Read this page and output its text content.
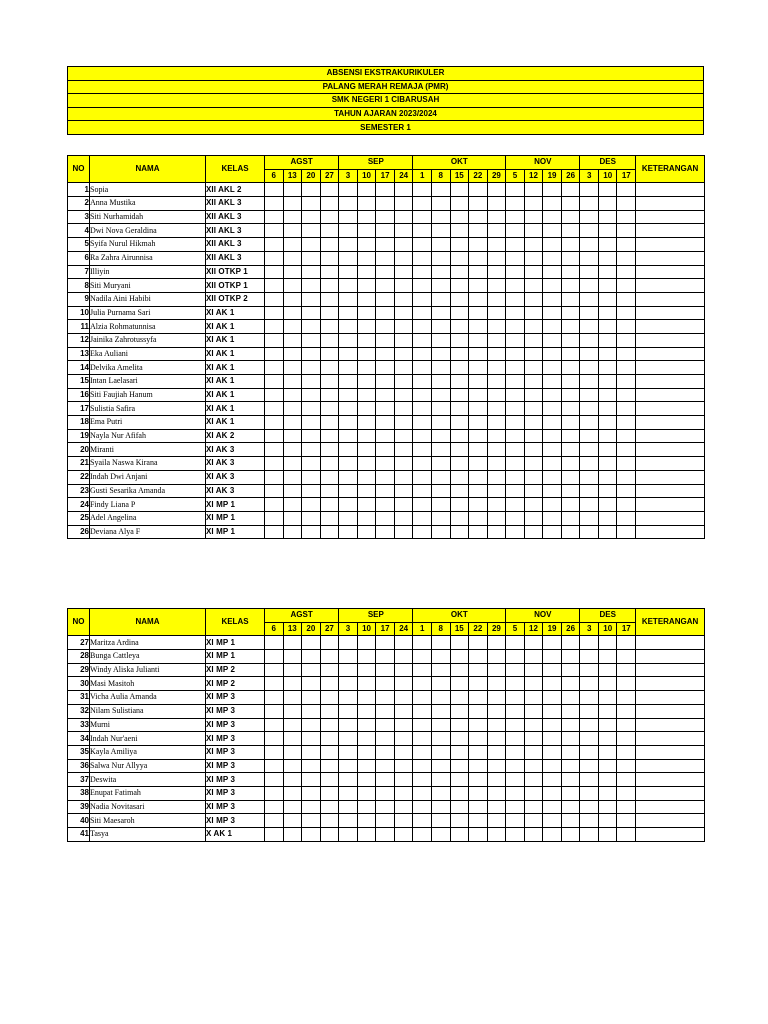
ABSENSI EKSTRAKURIKULER
PALANG MERAH REMAJA (PMR)
SMK NEGERI 1 CIBARUSAH
TAHUN AJARAN 2023/2024
SEMESTER 1
NO	NAMA	KELAS	AGST				SEP				OKT					NOV				DES			KETERANGAN
			6	13	20	27	3	10	17	24	1	8	15	22	29	5	12	19	26	3	10	17	
1	Sopia	XII AKL 2																					
2	Anna Mustika	XII AKL 3																					
3	Siti Nurhamidah	XII AKL 3																					
4	Dwi Nova Geraldina	XII AKL 3																					
5	Syifa Nurul Hikmah	XII AKL 3																					
6	Ra Zahra Airunnisa	XII AKL 3																					
7	Illiyin	XII OTKP 1																					
8	Siti Muryani	XII OTKP 1																					
9	Nadila Aini Habibi	XII OTKP 2																					
10	Julia Purnama Sari	XI AK 1																					
11	Alzia Rohmatunnisa	XI AK 1																					
12	Jainika Zahrotussyfa	XI AK 1																					
13	Eka Auliani	XI AK 1																					
14	Delvika Amelita	XI AK 1																					
15	Intan Laelasari	XI AK 1																					
16	Siti Faujiah Hanum	XI AK 1																					
17	Sulistia Safira	XI AK 1																					
18	Ema Putri	XI AK 1																					
19	Nayla Nur Afifah	XI AK 2																					
20	Miranti	XI AK 3																					
21	Syaila Naswa Kirana	XI AK 3																					
22	Indah Dwi Anjani	XI AK 3																					
23	Gusti Sesarika Amanda	XI AK 3																					
24	Findy Liana P	XI MP 1																					
25	Adel Angelina	XI MP 1																					
26	Deviana Alya F	XI MP 1																					
NO	NAMA	KELAS	AGST				SEP				OKT					NOV				DES			KETERANGAN
			6	13	20	27	3	10	17	24	1	8	15	22	29	5	12	19	26	3	10	17	
27	Maritza Ardina	XI MP 1																					
28	Bunga Cattleya	XI MP 1																					
29	Windy Aliska Julianti	XI MP 2																					
30	Masi Masitoh	XI MP 2																					
31	Vicha Aulia Amanda	XI MP 3																					
32	Nilam Sulistiana	XI MP 3																					
33	Murni	XI MP 3																					
34	Indah Nur'aeni	XI MP 3																					
35	Kayla Amiliya	XI MP 3																					
36	Salwa Nur Allyya	XI MP 3																					
37	Deswita	XI MP 3																					
38	Enupat Fatimah	XI MP 3																					
39	Nadia Novitasari	XI MP 3																					
40	Siti Maesaroh	XI MP 3																					
41	Tasya	X AK 1																					
